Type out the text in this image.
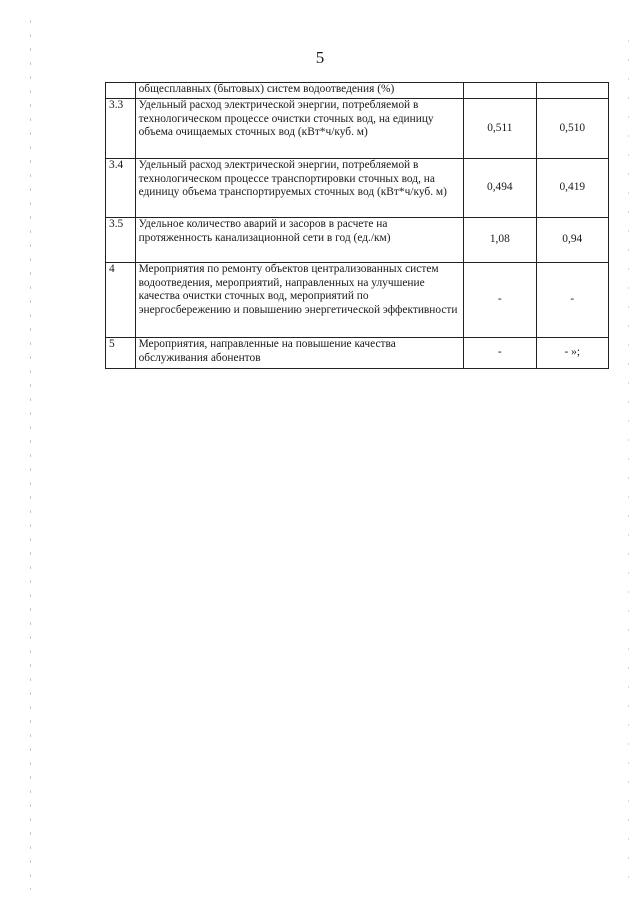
5
	общесплавных (бытовых) систем водоотведения (%)		
3.3	Удельный расход электрической энергии, потребляемой в технологическом процессе очистки сточных вод, на единицу объема очищаемых сточных вод (кВт*ч/куб. м)	0,511	0,510
3.4	Удельный расход электрической энергии, потребляемой в технологическом процессе транспортировки сточных вод, на единицу объема транспортируемых сточных вод (кВт*ч/куб. м)	0,494	0,419
3.5	Удельное количество аварий и засоров в расчете на протяженность канализационной сети в год (ед./км)	1,08	0,94
4	Мероприятия по ремонту объектов централизованных систем водоотведения, мероприятий, направленных на улучшение качества очистки сточных вод, мероприятий по энергосбережению и повышению энергетической эффективности	-	-
5	Мероприятия, направленные на повышение качества обслуживания абонентов	-	- »;
